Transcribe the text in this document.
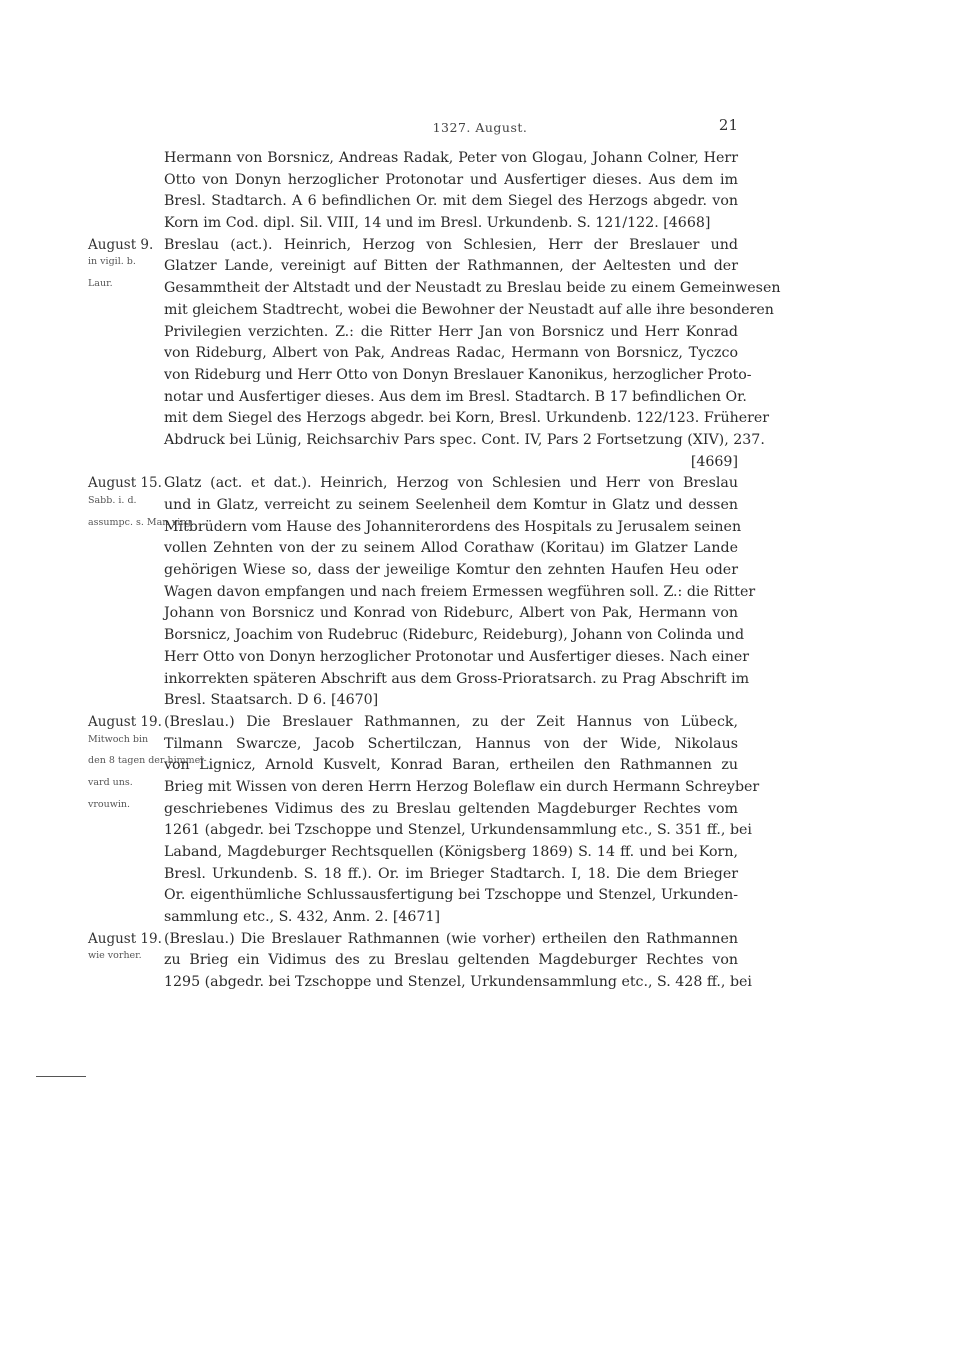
1327. August.	21
Hermann von Borsnicz, Andreas Radak, Peter von Glogau, Johann Colner, Herr
Otto von Donyn herzoglicher Protonotar und Ausfertiger dieses. Aus dem im
Bresl. Stadtarch. A 6 befindlichen Or. mit dem Siegel des Herzogs abgedr. von
Korn im Cod. dipl. Sil. VIII, 14 und im Bresl. Urkundenb. S. 121/122. [4668]
August 9. Breslau (act.). Heinrich, Herzog von Schlesien, Herr der Breslauer und
in vigil. b.	Glatzer Lande, vereinigt auf Bitten der Rathmannen, der Aeltesten und der
Laur.	Gesammtheit der Altstadt und der Neustadt zu Breslau beide zu einem Gemeinwesen
mit gleichem Stadtrecht, wobei die Bewohner der Neustadt auf alle ihre besonderen
Privilegien verzichten. Z.: die Ritter Herr Jan von Borsnicz und Herr Konrad
von Rideburg, Albert von Pak, Andreas Radac, Hermann von Borsnicz, Tyczco
von Rideburg und Herr Otto von Donyn Breslauer Kanonikus, herzoglicher Proto-
notar und Ausfertiger dieses. Aus dem im Bresl. Stadtarch. B 17 befindlichen Or.
mit dem Siegel des Herzogs abgedr. bei Korn, Bresl. Urkundenb. 122/123. Früherer
Abdruck bei Lünig, Reichsarchiv Pars spec. Cont. IV, Pars 2 Fortsetzung (XIV), 237.
[4669]
August 15. Glatz (act. et dat.). Heinrich, Herzog von Schlesien und Herr von Breslau
Sabb. i. d.	und in Glatz, verreicht zu seinem Seelenheil dem Komtur in Glatz und dessen
assumpc. s. Mar. virg.
Mitbrüdern vom Hause des Johanniterordens des Hospitals zu Jerusalem seinen
vollen Zehnten von der zu seinem Allod Corathaw (Koritau) im Glatzer Lande
gehörigen Wiese so, dass der jeweilige Komtur den zehnten Haufen Heu oder
Wagen davon empfangen und nach freiem Ermessen wegführen soll. Z.: die Ritter
Johann von Borsnicz und Konrad von Rideburc, Albert von Pak, Hermann von
Borsnicz, Joachim von Rudebruc (Rideburc, Reideburg), Johann von Colinda und
Herr Otto von Donyn herzoglicher Protonotar und Ausfertiger dieses. Nach einer
inkorrekten späteren Abschrift aus dem Gross-Prioratsarch. zu Prag Abschrift im
Bresl. Staatsarch. D 6. [4670]
August 19. (Breslau.) Die Breslauer Rathmannen, zu der Zeit Hannus von Lübeck,
Mitwoch bin	Tilmann Swarcze, Jacob Schertilczan, Hannus von der Wide, Nikolaus
den 8 tagen der himmel-
von Lignicz, Arnold Kusvelt, Konrad Baran, ertheilen den Rathmannen zu
vard uns.	Brieg mit Wissen von deren Herrn Herzog Boleflaw ein durch Hermann Schreyber
vrouwin.	geschriebenes Vidimus des zu Breslau geltenden Magdeburger Rechtes vom
1261 (abgedr. bei Tzschoppe und Stenzel, Urkundensammlung etc., S. 351 ff., bei
Laband, Magdeburger Rechtsquellen (Königsberg 1869) S. 14 ff. und bei Korn,
Bresl. Urkundenb. S. 18 ff.). Or. im Brieger Stadtarch. I, 18. Die dem Brieger
Or. eigenthümliche Schlussausfertigung bei Tzschoppe und Stenzel, Urkunden-
sammlung etc., S. 432, Anm. 2. [4671]
August 19. (Breslau.) Die Breslauer Rathmannen (wie vorher) ertheilen den Rathmannen
wie vorher.	zu Brieg ein Vidimus des zu Breslau geltenden Magdeburger Rechtes von
1295 (abgedr. bei Tzschoppe und Stenzel, Urkundensammlung etc., S. 428 ff., bei
